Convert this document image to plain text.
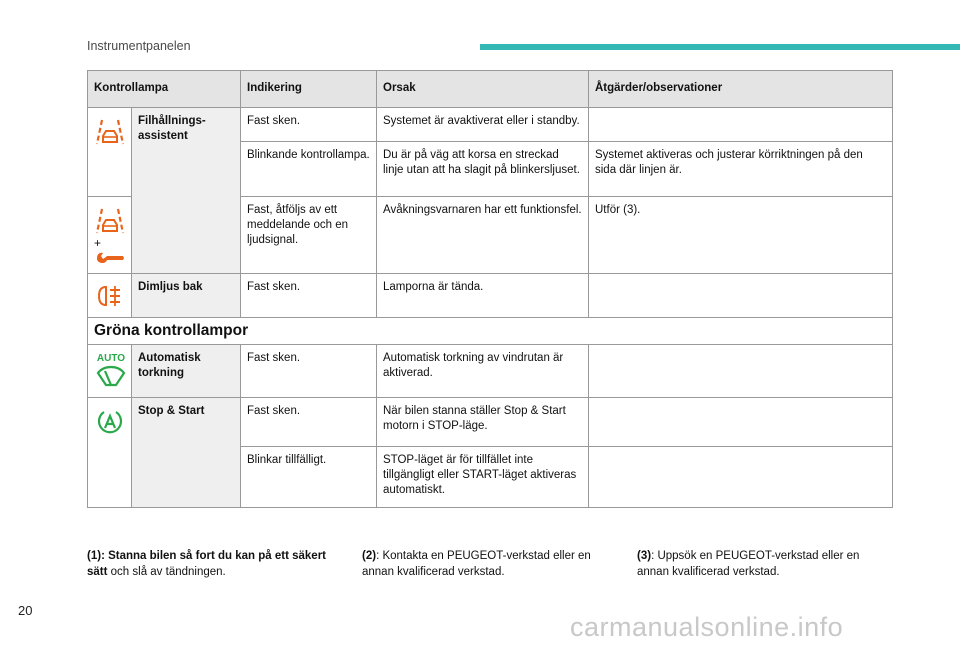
Instrumentpanelen
Kontrollampa		Indikering	Orsak	Åtgärder/observationer

	Filhållnings-
assistent	Fast sken.	Systemet är avaktiverat eller i standby.	
		Blinkande kontrollampa.	Du är på väg att korsa en streckad linje utan att ha slagit på blinkersljuset.	Systemet aktiveras och justerar körriktningen på den sida där linjen är.

+		Fast, åtföljs av ett meddelande och en ljudsignal.	Avåkningsvarnaren har ett funktionsfel.	Utför (3).

	Dimljus bak	Fast sken.	Lamporna är tända.	
Gröna kontrollampor				

AUTO	Automatisk torkning	Fast sken.	Automatisk torkning av vindrutan är aktiverad.	

	Stop & Start	Fast sken.	När bilen stanna ställer Stop & Start motorn i STOP-läge.	
		Blinkar tillfälligt.	STOP-läget är för tillfället inte tillgängligt eller START-läget aktiveras automatiskt.	
(1): Stanna bilen så fort du kan på ett säkert sätt och slå av tändningen.
(2): Kontakta en PEUGEOT-verkstad eller en annan kvalificerad verkstad.
(3): Uppsök en PEUGEOT-verkstad eller en annan kvalificerad verkstad.
20
carmanualsonline.info
